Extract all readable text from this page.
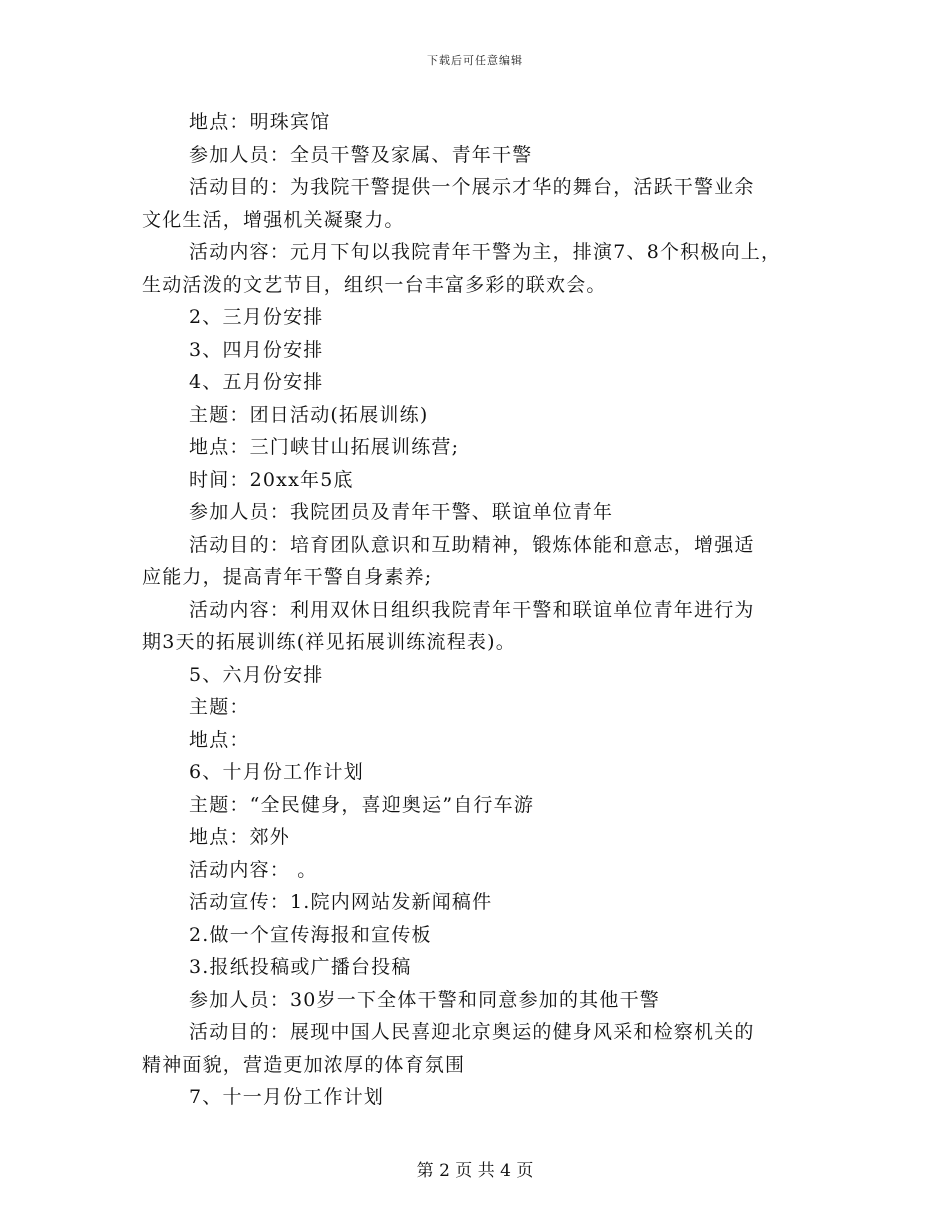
下载后可任意编辑
地点：明珠宾馆
参加人员：全员干警及家属、青年干警
活动目的：为我院干警提供一个展示才华的舞台，活跃干警业余
文化生活，增强机关凝聚力。
活动内容：元月下旬以我院青年干警为主，排演7、8个积极向上，
生动活泼的文艺节目，组织一台丰富多彩的联欢会。
2、三月份安排
3、四月份安排
4、五月份安排
主题：团日活动(拓展训练)
地点：三门峡甘山拓展训练营;
时间：20xx年5底
参加人员：我院团员及青年干警、联谊单位青年
活动目的：培育团队意识和互助精神，锻炼体能和意志，增强适
应能力，提高青年干警自身素养;
活动内容：利用双休日组织我院青年干警和联谊单位青年进行为
期3天的拓展训练(祥见拓展训练流程表)。
5、六月份安排
主题：
地点：
6、十月份工作计划
主题：“全民健身，喜迎奥运”自行车游
地点：郊外
活动内容： 。
活动宣传：1.院内网站发新闻稿件
2.做一个宣传海报和宣传板
3.报纸投稿或广播台投稿
参加人员：30岁一下全体干警和同意参加的其他干警
活动目的：展现中国人民喜迎北京奥运的健身风采和检察机关的
精神面貌，营造更加浓厚的体育氛围
7、十一月份工作计划
第 2 页 共 4 页
